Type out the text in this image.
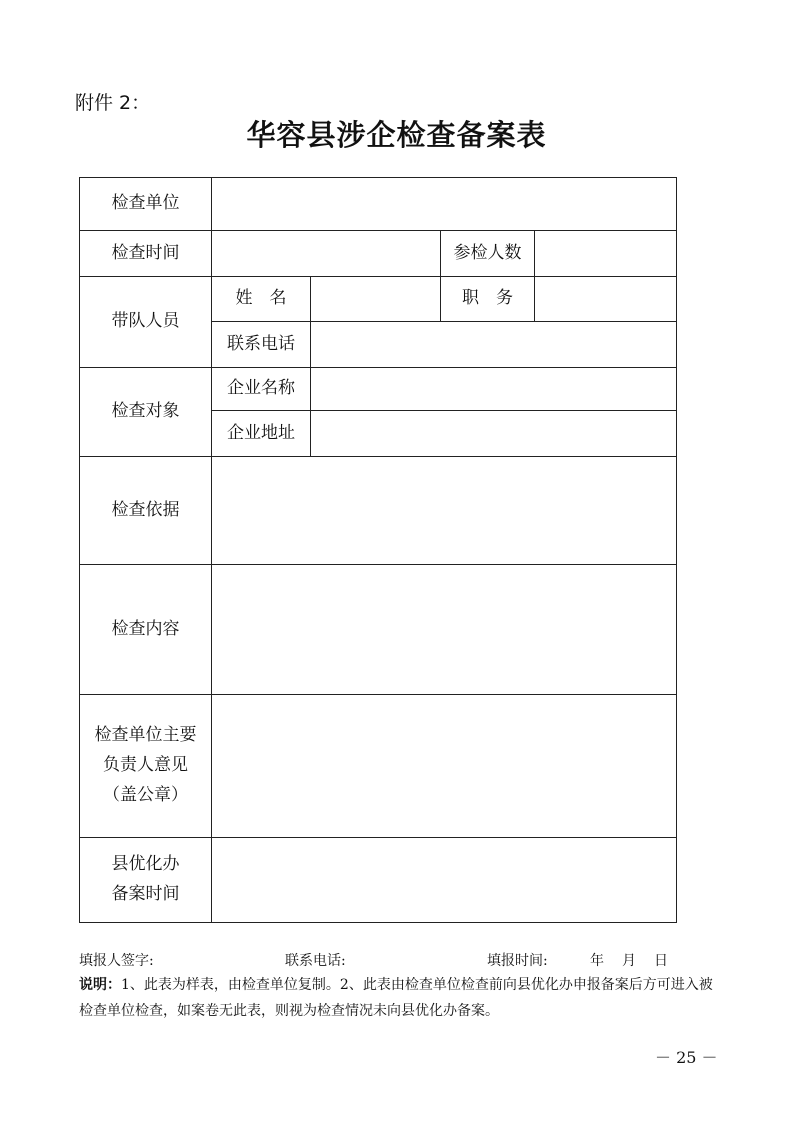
附件 2：
华容县涉企检查备案表
检查单位				
检查时间			参检人数	
带队人员	姓　名		职　务	
	联系电话			
检查对象	企业名称			
	企业地址			
检查依据				
检查内容				

检查单位主要
负责人意见
（盖公章）				

县优化办
备案时间				

填报人签字:	联系电话:	填报时间:	年 月 日
说明：1、此表为样表，由检查单位复制。2、此表由检查单位检查前向县优化办申报备案后方可进入被检查单位检查，如案卷无此表，则视为检查情况未向县优化办备案。
－ 25 －
